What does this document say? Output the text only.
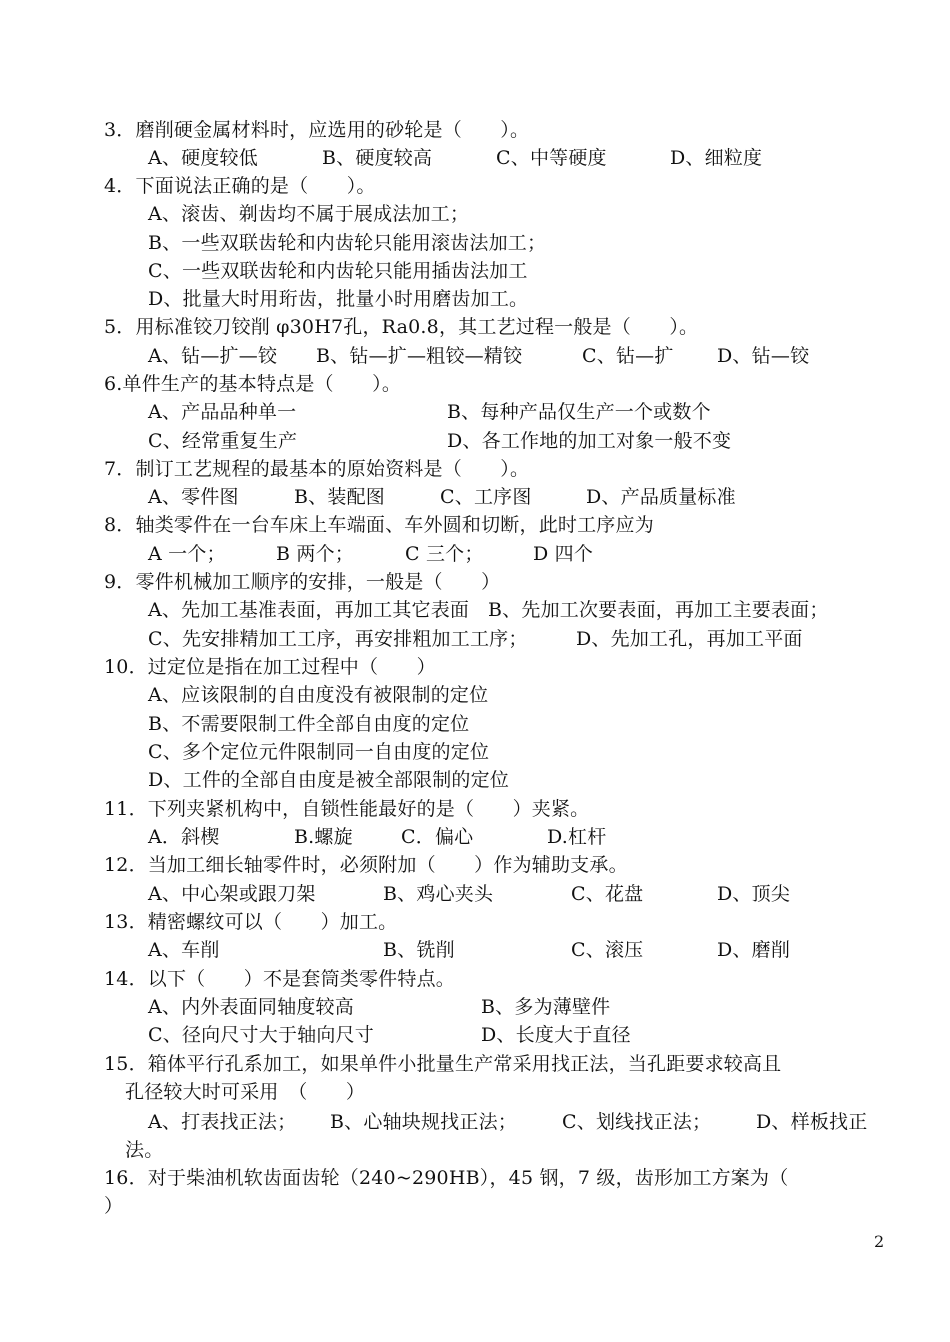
3．磨削硬金属材料时，应选用的砂轮是（　　）。
A、硬度较低	B、硬度较高	C、中等硬度	D、细粒度
4．下面说法正确的是（　　）。
A、滚齿、剃齿均不属于展成法加工；
B、一些双联齿轮和内齿轮只能用滚齿法加工；
C、一些双联齿轮和内齿轮只能用插齿法加工
D、批量大时用珩齿，批量小时用磨齿加工。
5．用标准铰刀铰削 φ30H7孔，Ra0.8，其工艺过程一般是（　　）。
A、钻—扩—铰 B、钻—扩—粗铰—精铰	C、钻—扩 D、钻—铰
6.单件生产的基本特点是（　　）。
A、产品品种单一	B、每种产品仅生产一个或数个
C、经常重复生产	D、各工作地的加工对象一般不变
7．制订工艺规程的最基本的原始资料是（　　）。
A、零件图	B、装配图	C、工序图	D、产品质量标准
8．轴类零件在一台车床上车端面、车外圆和切断，此时工序应为
A 一个；	B 两个；	C 三个；	D 四个
9．零件机械加工顺序的安排，一般是（　　）
A、先加工基准表面，再加工其它表面 B、先加工次要表面，再加工主要表面；
C、先安排精加工工序，再安排粗加工工序；	D、先加工孔，再加工平面
10．过定位是指在加工过程中（　　）
A、应该限制的自由度没有被限制的定位
B、不需要限制工件全部自由度的定位
C、多个定位元件限制同一自由度的定位
D、工件的全部自由度是被全部限制的定位
11．下列夹紧机构中，自锁性能最好的是（　　）夹紧。
A．斜楔	B.螺旋	C．偏心	D.杠杆
12．当加工细长轴零件时，必须附加（　　）作为辅助支承。
A、中心架或跟刀架	B、鸡心夹头	C、花盘	D、顶尖
13．精密螺纹可以（　　）加工。
A、车削	B、铣削	C、滚压	D、磨削
14．以下（　　）不是套筒类零件特点。
A、内外表面同轴度较高	B、多为薄壁件
C、径向尺寸大于轴向尺寸	D、长度大于直径
15．箱体平行孔系加工，如果单件小批量生产常采用找正法，当孔距要求较高且
孔径较大时可采用　（　　）
A、打表找正法； B、心轴块规找正法； C、划线找正法； D、样板找正
法。
16．对于柴油机软齿面齿轮（240~290HB），45 钢，7 级，齿形加工方案为（
）
2
